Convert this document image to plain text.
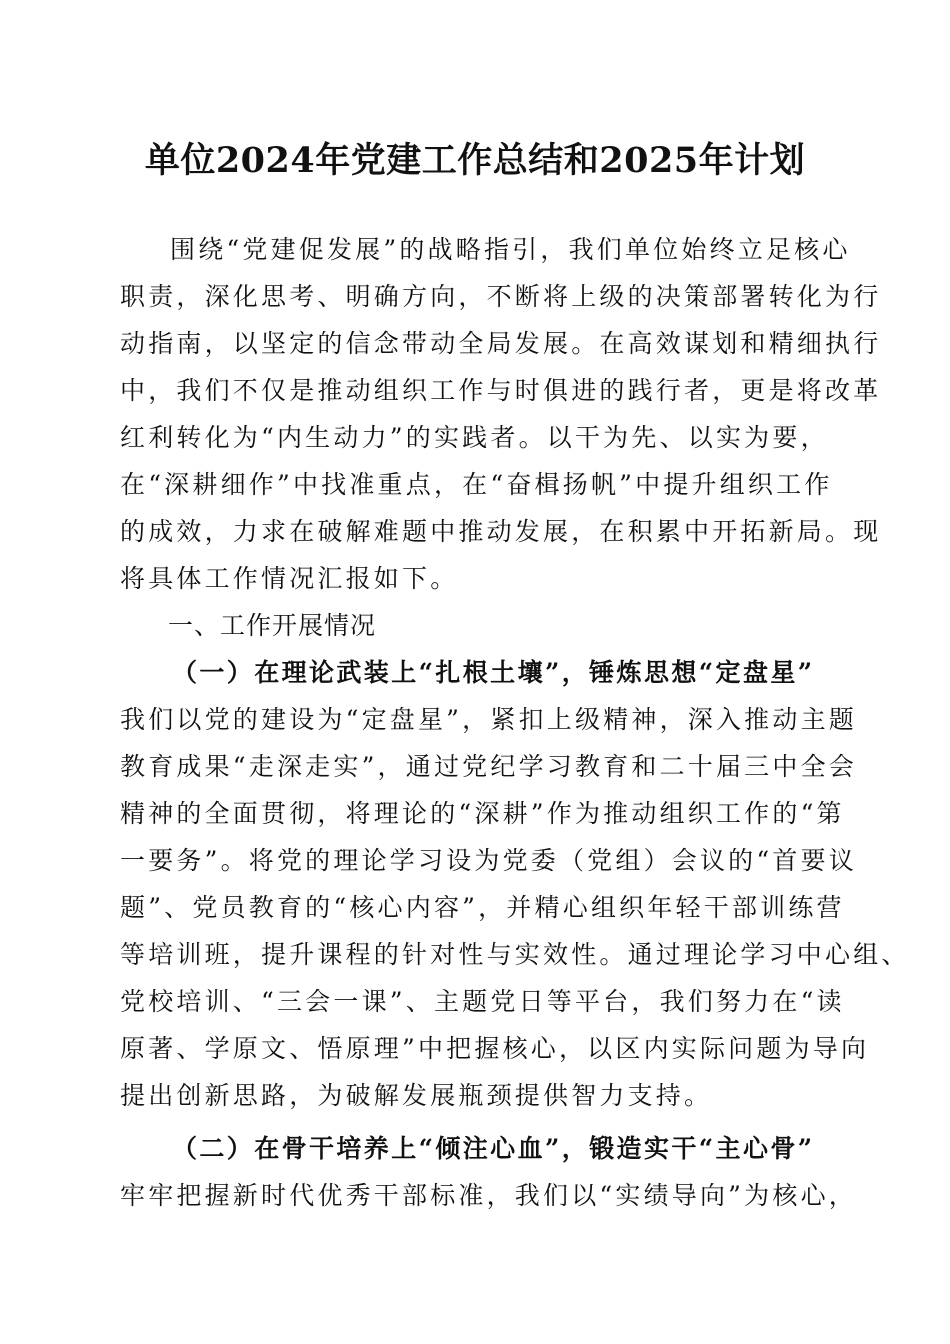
单位2024年党建工作总结和2025年计划
围绕“党建促发展”的战略指引，我们单位始终立足核心
职责，深化思考、明确方向，不断将上级的决策部署转化为行
动指南，以坚定的信念带动全局发展。在高效谋划和精细执行
中，我们不仅是推动组织工作与时俱进的践行者，更是将改革
红利转化为“内生动力”的实践者。以干为先、以实为要，
在“深耕细作”中找准重点，在“奋楫扬帆”中提升组织工作
的成效，力求在破解难题中推动发展，在积累中开拓新局。现
将具体工作情况汇报如下。
一、工作开展情况
（一）在理论武装上“扎根土壤”，锤炼思想“定盘星”
我们以党的建设为“定盘星”，紧扣上级精神，深入推动主题
教育成果“走深走实”，通过党纪学习教育和二十届三中全会
精神的全面贯彻，将理论的“深耕”作为推动组织工作的“第
一要务”。将党的理论学习设为党委（党组）会议的“首要议
题”、党员教育的“核心内容”，并精心组织年轻干部训练营
等培训班，提升课程的针对性与实效性。通过理论学习中心组、
党校培训、“三会一课”、主题党日等平台，我们努力在“读
原著、学原文、悟原理”中把握核心，以区内实际问题为导向
提出创新思路，为破解发展瓶颈提供智力支持。
（二）在骨干培养上“倾注心血”，锻造实干“主心骨”
牢牢把握新时代优秀干部标准，我们以“实绩导向”为核心，
